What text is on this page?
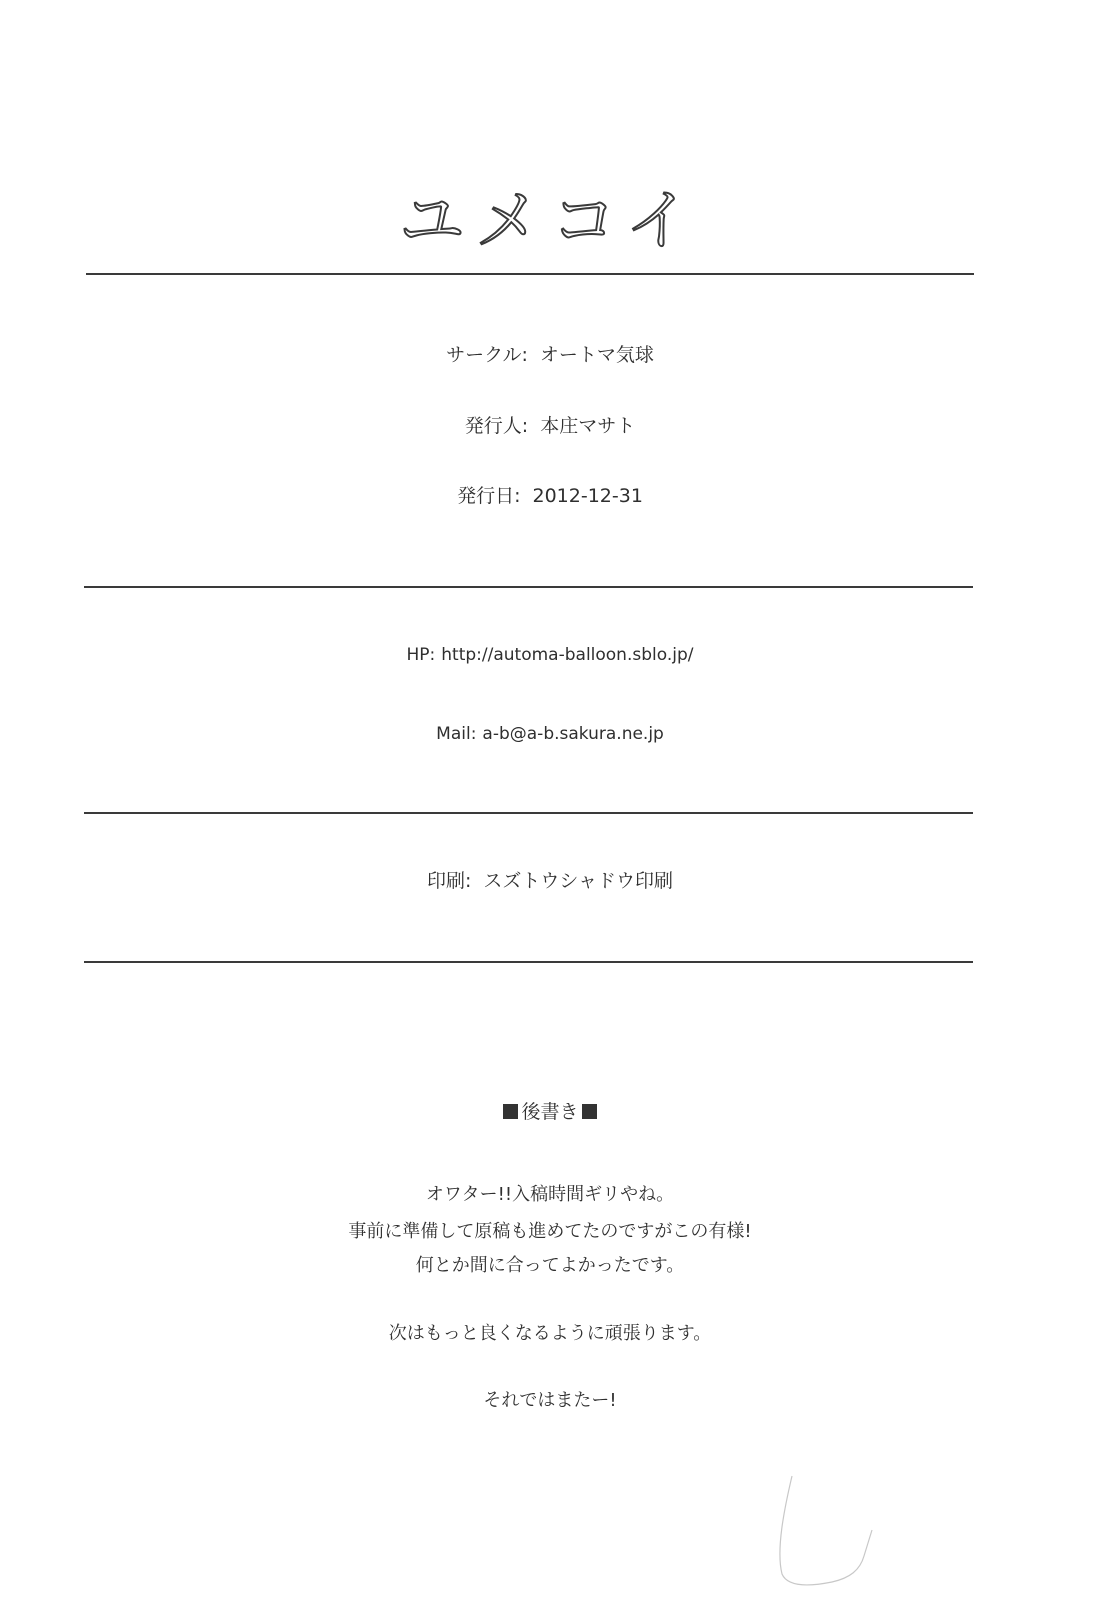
ユメコイ
サークル: オートマ気球
発行人: 本庄マサト
発行日: 2012-12-31
HP: http://automa-balloon.sblo.jp/
Mail: a-b@a-b.sakura.ne.jp
印刷: スズトウシャドウ印刷
後書き
オワター!!入稿時間ギリやね。
事前に準備して原稿も進めてたのですがこの有様!
何とか間に合ってよかったです。
次はもっと良くなるように頑張ります。
それではまたー!
